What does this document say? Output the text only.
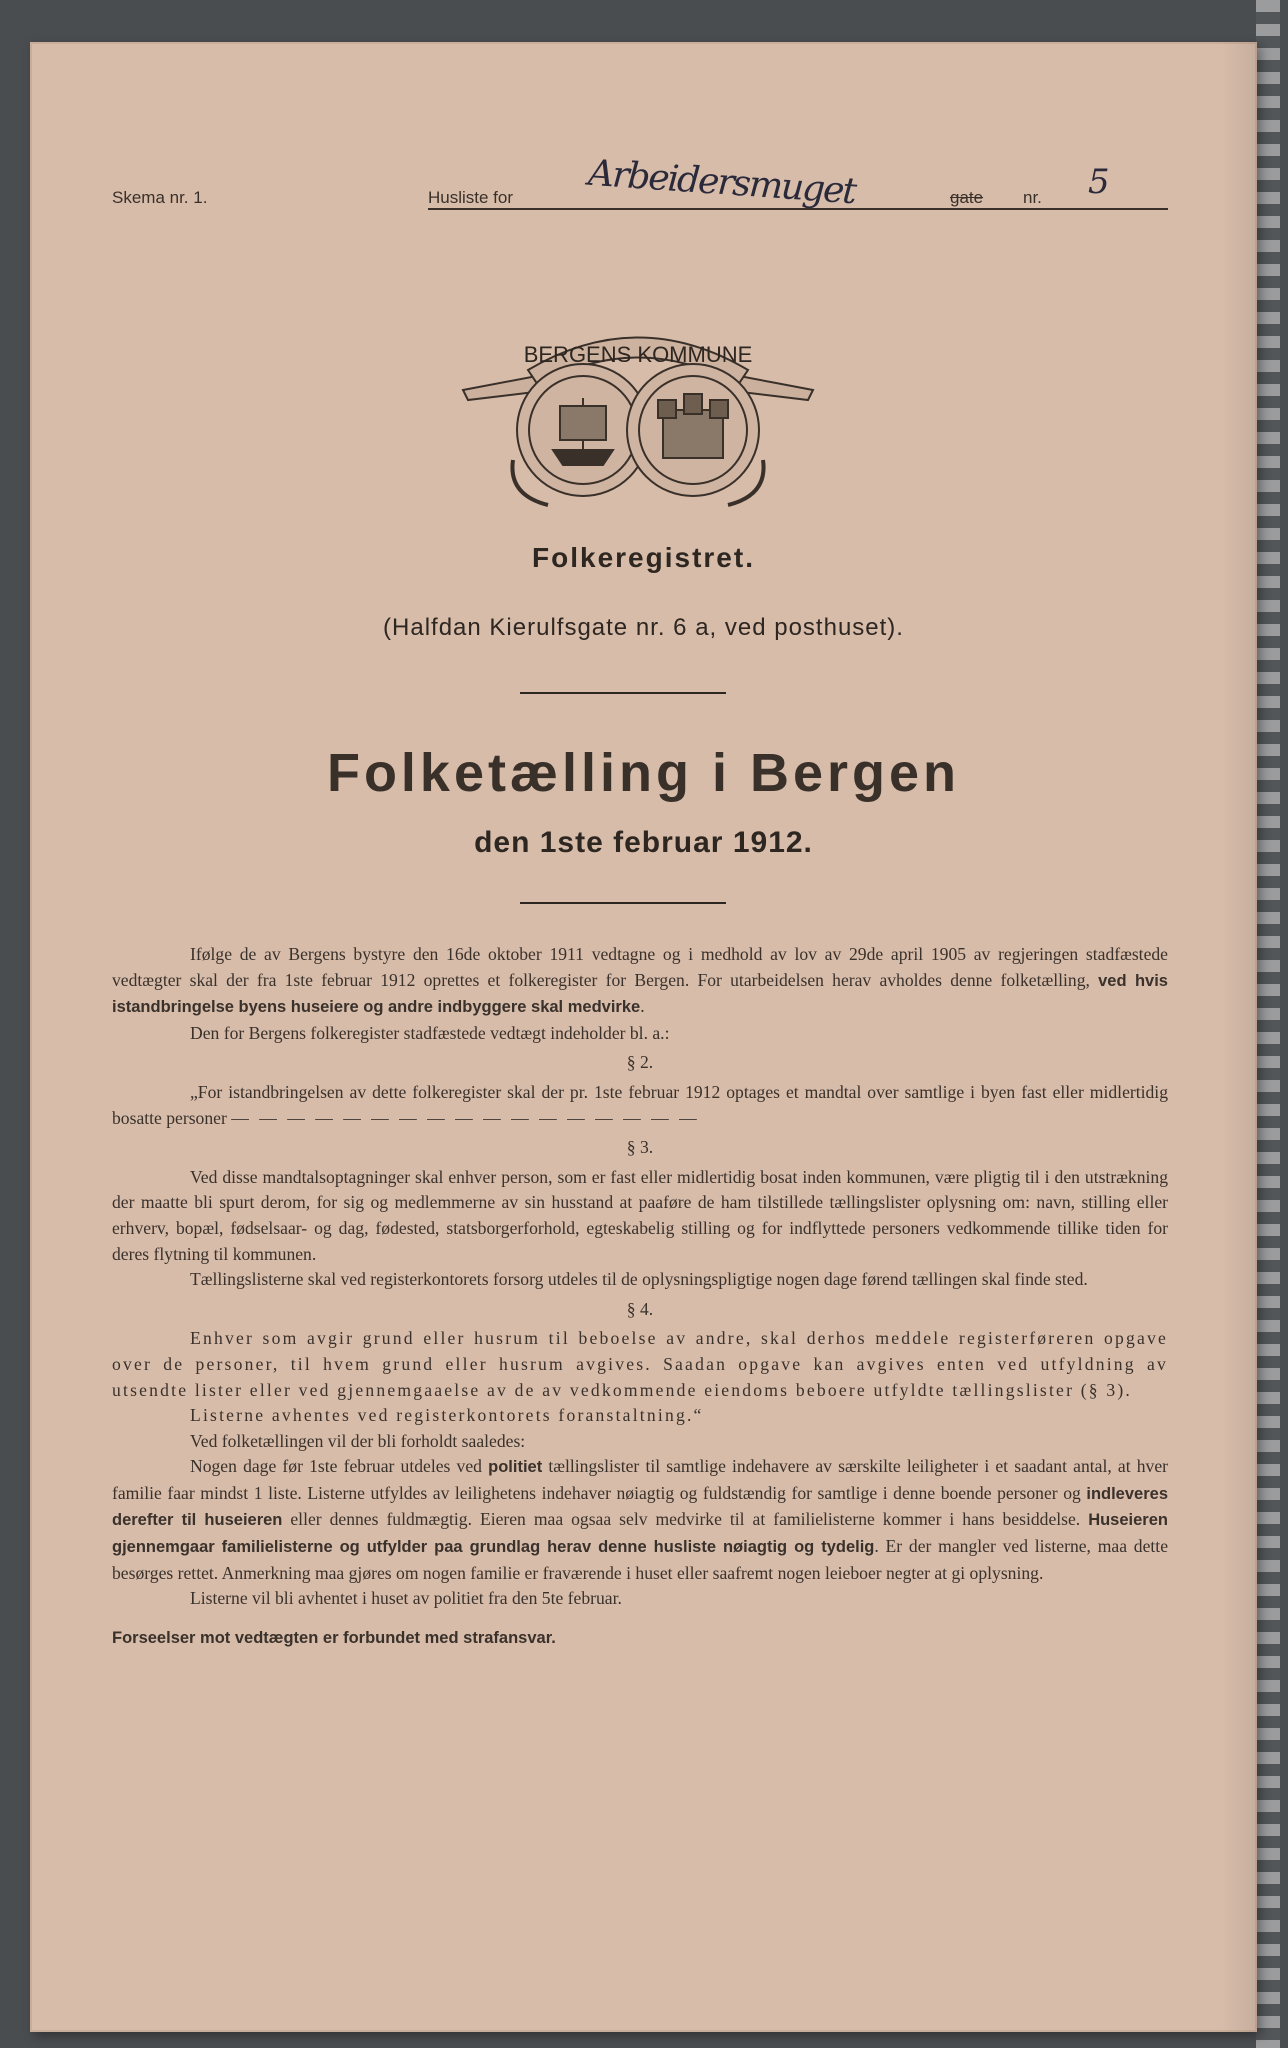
Skema nr. 1.	Husliste for Arbeidersmuget	gate nr. 5
BERGENS KOMMUNE
Folkeregistret.
(Halfdan Kierulfsgate nr. 6 a, ved posthuset).
Folketælling i Bergen
den 1ste februar 1912.

Ifølge de av Bergens bystyre den 16de oktober 1911 vedtagne og i medhold av lov av 29de april 1905 av regjeringen stadfæstede vedtægter skal der fra 1ste februar 1912 oprettes et folkeregister for Bergen. For utarbeidelsen herav avholdes denne folketælling, ved hvis istandbringelse byens huseiere og andre indbyggere skal medvirke.

Den for Bergens folkeregister stadfæstede vedtægt indeholder bl. a.:

§ 2.

„For istandbringelsen av dette folkeregister skal der pr. 1ste februar 1912 optages et mandtal over samtlige i byen fast eller midlertidig bosatte personer — — — — — — — — — — — — — — — — —

§ 3.

Ved disse mandtalsoptagninger skal enhver person, som er fast eller midlertidig bosat inden kommunen, være pligtig til i den utstrækning der maatte bli spurt derom, for sig og medlemmerne av sin husstand at paaføre de ham tilstillede tællingslister oplysning om: navn, stilling eller erhverv, bopæl, fødselsaar- og dag, fødested, statsborgerforhold, egteskabelig stilling og for indflyttede personers vedkommende tillike tiden for deres flytning til kommunen.

Tællingslisterne skal ved registerkontorets forsorg utdeles til de oplysningspligtige nogen dage førend tællingen skal finde sted.

§ 4.

Enhver som avgir grund eller husrum til beboelse av andre, skal derhos meddele registerføreren opgave over de personer, til hvem grund eller husrum avgives. Saadan opgave kan avgives enten ved utfyldning av utsendte lister eller ved gjennemgaaelse av de av vedkommende eiendoms beboere utfyldte tællingslister (§ 3).

Listerne avhentes ved registerkontorets foranstaltning.“

Ved folketællingen vil der bli forholdt saaledes:

Nogen dage før 1ste februar utdeles ved politiet tællingslister til samtlige indehavere av særskilte leiligheter i et saadant antal, at hver familie faar mindst 1 liste. Listerne utfyldes av leilighetens indehaver nøiagtig og fuldstændig for samtlige i denne boende personer og indleveres derefter til huseieren eller dennes fuldmægtig. Eieren maa ogsaa selv medvirke til at familielisterne kommer i hans besiddelse. Huseieren gjennemgaar familielisterne og utfylder paa grundlag herav denne husliste nøiagtig og tydelig. Er der mangler ved listerne, maa dette besørges rettet. Anmerkning maa gjøres om nogen familie er fraværende i huset eller saafremt nogen leieboer negter at gi oplysning.

Listerne vil bli avhentet i huset av politiet fra den 5te februar.

Forseelser mot vedtægten er forbundet med strafansvar.
